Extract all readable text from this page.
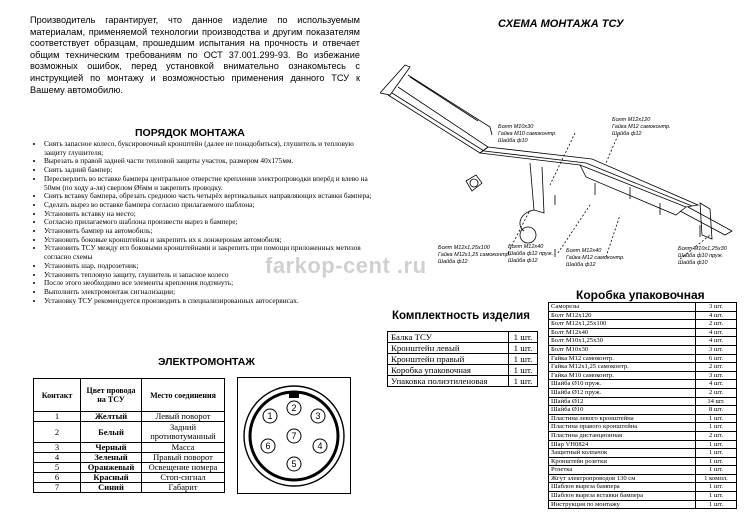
Производитель гарантирует, что данное изделие по используемым материалам, применяемой технологии производства и другим показателям соответствует образцам, прошедшим испытания на прочность и отвечает общим техническим требованиям по ОСТ 37.001.299-93. Во избежание возможных ошибок, перед установкой внимательно ознакомьтесь с инструкцией по монтажу и возможностью применения данного ТСУ к Вашему автомобилю.
СХЕМА МОНТАЖА ТСУ
Болт М10х30
Гайка М10 самоконтр.
Шайба ф10
Болт М12х120
Гайка М12 самоконтр.
Шайба ф12
Болт М12х1,25х100
Гайка М12х1,25 самоконтр.
Шайба ф12
Болт М12х40
Шайба ф12 пруж.
Шайба ф12
Болт М12х40
Гайка М12 самоконтр.
Шайба ф12
Болт М10х1,25х30
Шайба ф10 пруж.
Шайба ф10
farkop-cent .ru
ПОРЯДОК МОНТАЖА
• Снять запасное колесо, буксировочный кронштейн (далее не понадобиться), глушитель и тепловую защиту глушителя;
• Вырезать в правой задней части тепловой защиты участок, размером 40х175мм.
• Снять задний бампер;
• Пересверлить во вставке бампера центральное отверстие крепления электропроводки вперёд и влево на 50мм (по ходу а-ля) сверлом Ø6мм и закрепить проводку.
• Снять вставку бампера, обрезать среднюю часть четырёх вертикальных направляющих вставки бампера;
• Сделать вырез во вставке бампера согласно прилагаемого шаблона;
• Установить вставку на место;
• Согласно прилагаемого шаблона произвести вырез в бампере;
• Установить бампер на автомобиль;
• Установить боковые кронштейны и закрепить их к лонжеронам автомобиля;
• Установить ТСУ между его боковыми кронштейнами и закрепить при помощи приложенных метизов согласно схемы
• Установить шар, подрозетник;
• Установить тепловую защиту, глушитель и запасное колесо
• После этого необходимо все элементы крепления подтянуть;
• Выполнить электромонтаж сигнализации;
• Установку ТСУ рекомендуется производить в специализированных автосервисах.
ЭЛЕКТРОМОНТАЖ
Контакт	Цвет провода на ТСУ	Место соединения
1	Желтый	Левый поворот
2	Белый	Задний противотуманный
3	Черный	Масса
4	Зеленый	Правый поворот
5	Оранжевый	Освещение номера
6	Красный	Стоп-сигнал
7	Синий	Габарит
1
2
3
4
5
6
7
Комплектность изделия
Балка ТСУ	1 шт.
Кронштейн левый	1 шт.
Кронштейн правый	1 шт.
Коробка упаковочная	1 шт.
Упаковка полиэтиленовая	1 шт.
Коробка упаковочная
Саморезы	3 шт.
Болт М12х120	4 шт.
Болт М12х1,25х100	2 шт.
Болт М12х40	4 шт.
Болт М10х1,25х30	4 шт.
Болт М10х30	3 шт.
Гайка М12 самоконтр.	6 шт.
Гайка М12х1,25 самоконтр.	2 шт.
Гайка М10 самоконтр.	3 шт.
Шайба Ø10 пруж.	4 шт.
Шайба Ø12 пруж.	2 шт.
Шайба Ø12	14 шт.
Шайба Ø10	8 шт.
Пластина левого кронштейна	1 шт.
Пластина правого кронштейна	1 шт.
Пластина дистанционная	2 шт.
Шар VH0824	1 шт.
Защитный колпачок	1 шт.
Кронштейн розетки	1 шт.
Розетка	1 шт.
Жгут электропроводов 130 см	1 компл.
Шаблон выреза бампера	1 шт.
Шаблон выреза вставки бампера	1 шт.
Инструкция по монтажу	1 шт.
